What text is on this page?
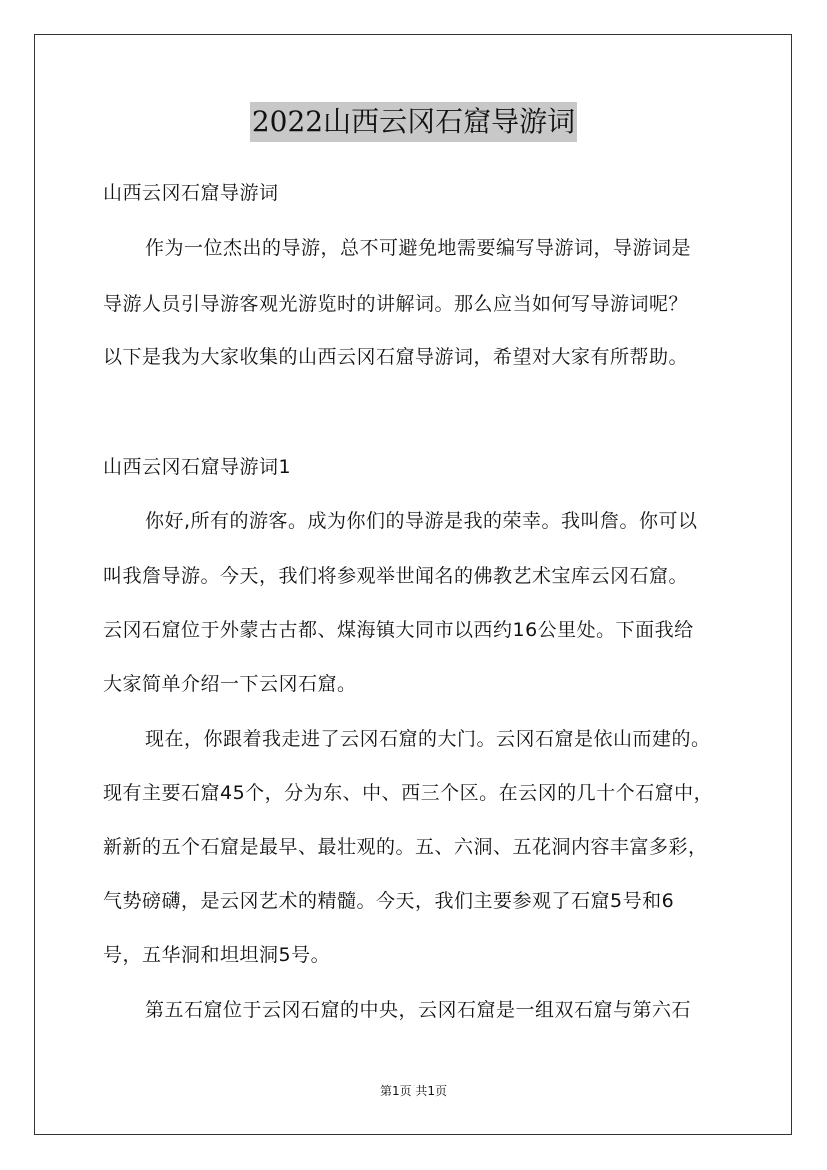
2022山西云冈石窟导游词
山西云冈石窟导游词
作为一位杰出的导游，总不可避免地需要编写导游词，导游词是
导游人员引导游客观光游览时的讲解词。那么应当如何写导游词呢？
以下是我为大家收集的山西云冈石窟导游词，希望对大家有所帮助。
山西云冈石窟导游词1
你好,所有的游客。成为你们的导游是我的荣幸。我叫詹。你可以
叫我詹导游。今天，我们将参观举世闻名的佛教艺术宝库云冈石窟。
云冈石窟位于外蒙古古都、煤海镇大同市以西约16公里处。下面我给
大家简单介绍一下云冈石窟。
现在，你跟着我走进了云冈石窟的大门。云冈石窟是依山而建的。
现有主要石窟45个，分为东、中、西三个区。在云冈的几十个石窟中，
新新的五个石窟是最早、最壮观的。五、六洞、五花洞内容丰富多彩，
气势磅礴，是云冈艺术的精髓。今天，我们主要参观了石窟5号和6
号，五华洞和坦坦洞5号。
第五石窟位于云冈石窟的中央，云冈石窟是一组双石窟与第六石
第1页 共1页
